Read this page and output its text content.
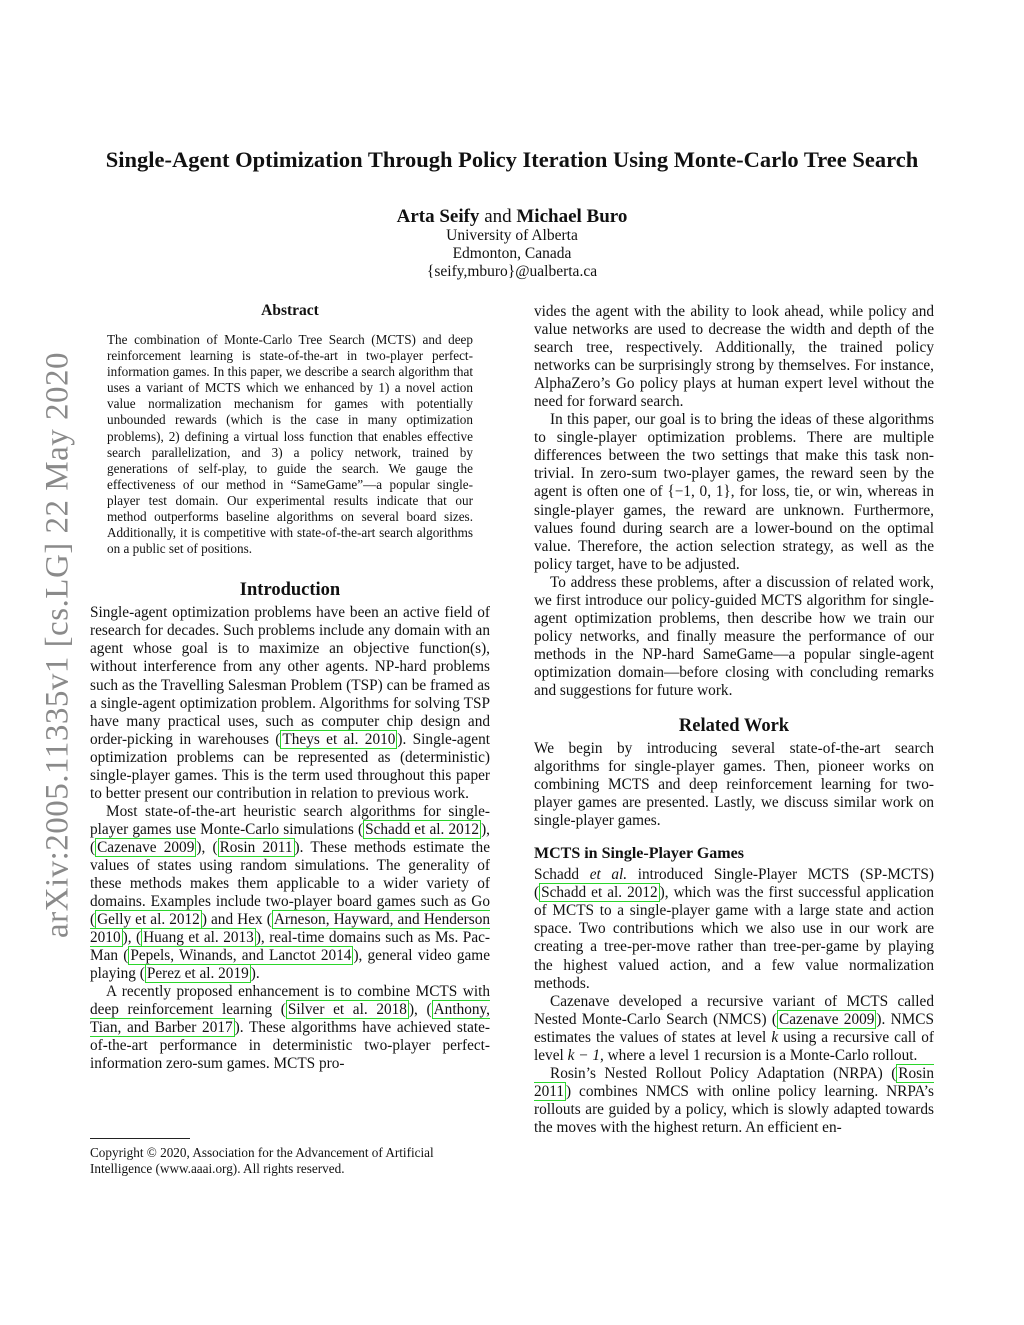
arXiv:2005.11335v1 [cs.LG] 22 May 2020
Single-Agent Optimization Through Policy Iteration Using Monte-Carlo Tree Search
Arta Seify and Michael Buro
University of Alberta
Edmonton, Canada
{seify,mburo}@ualberta.ca
Abstract

The combination of Monte-Carlo Tree Search (MCTS) and deep reinforcement learning is state-of-the-art in two-player perfect-information games. In this paper, we describe a search algorithm that uses a variant of MCTS which we enhanced by 1) a novel action value normalization mechanism for games with potentially unbounded rewards (which is the case in many optimization problems), 2) defining a virtual loss function that enables effective search parallelization, and 3) a policy network, trained by generations of self-play, to guide the search. We gauge the effectiveness of our method in “SameGame”—a popular single-player test domain. Our experimental results indicate that our method outperforms baseline algorithms on several board sizes. Additionally, it is competitive with state-of-the-art search algorithms on a public set of positions.

Introduction

Single-agent optimization problems have been an active field of research for decades. Such problems include any domain with an agent whose goal is to maximize an objective function(s), without interference from any other agents. NP-hard problems such as the Travelling Salesman Problem (TSP) can be framed as a single-agent optimization problem. Algorithms for solving TSP have many practical uses, such as computer chip design and order-picking in warehouses ( Theys et al. 2010 ). Single-agent optimization problems can be represented as (deterministic) single-player games. This is the term used throughout this paper to better present our contribution in relation to previous work.

Most state-of-the-art heuristic search algorithms for single-player games use Monte-Carlo simulations ( Schadd et al. 2012 ), ( Cazenave 2009 ), ( Rosin 2011 ). These methods estimate the values of states using random simulations. The generality of these methods makes them applicable to a wider variety of domains. Examples include two-player board games such as Go ( Gelly et al. 2012 ) and Hex ( Arneson, Hayward, and Henderson 2010 ), ( Huang et al. 2013 ), real-time domains such as Ms. Pac-Man ( Pepels, Winands, and Lanctot 2014 ), general video game playing ( Perez et al. 2019 ).

A recently proposed enhancement is to combine MCTS with deep reinforcement learning ( Silver et al. 2018 ), ( Anthony, Tian, and Barber 2017 ). These algorithms have achieved state-of-the-art performance in deterministic two-player perfect-information zero-sum games. MCTS pro-

Copyright © 2020, Association for the Advancement of Artificial
Intelligence (www.aaai.org). All rights reserved.

vides the agent with the ability to look ahead, while policy and value networks are used to decrease the width and depth of the search tree, respectively. Additionally, the trained policy networks can be surprisingly strong by themselves. For instance, AlphaZero’s Go policy plays at human expert level without the need for forward search.

In this paper, our goal is to bring the ideas of these algorithms to single-player optimization problems. There are multiple differences between the two settings that make this task non-trivial. In zero-sum two-player games, the reward seen by the agent is often one of {−1, 0, 1}, for loss, tie, or win, whereas in single-player games, the reward are unknown. Furthermore, values found during search are a lower-bound on the optimal value. Therefore, the action selection strategy, as well as the policy target, have to be adjusted.

To address these problems, after a discussion of related work, we first introduce our policy-guided MCTS algorithm for single-agent optimization problems, then describe how we train our policy networks, and finally measure the performance of our methods in the NP-hard SameGame—a popular single-agent optimization domain—before closing with concluding remarks and suggestions for future work.

Related Work

We begin by introducing several state-of-the-art search algorithms for single-player games. Then, pioneer works on combining MCTS and deep reinforcement learning for two-player games are presented. Lastly, we discuss similar work on single-player games.

MCTS in Single-Player Games

Schadd et al. introduced Single-Player MCTS (SP-MCTS) ( Schadd et al. 2012 ), which was the first successful application of MCTS to a single-player game with a large state and action space. Two contributions which we also use in our work are creating a tree-per-move rather than tree-per-game by playing the highest valued action, and a few value normalization methods.

Cazenave developed a recursive variant of MCTS called Nested Monte-Carlo Search (NMCS) ( Cazenave 2009 ). NMCS estimates the values of states at level k using a recursive call of level k − 1, where a level 1 recursion is a Monte-Carlo rollout.

Rosin’s Nested Rollout Policy Adaptation (NRPA) ( Rosin 2011 ) combines NMCS with online policy learning. NRPA’s rollouts are guided by a policy, which is slowly adapted towards the moves with the highest return. An efficient en-
